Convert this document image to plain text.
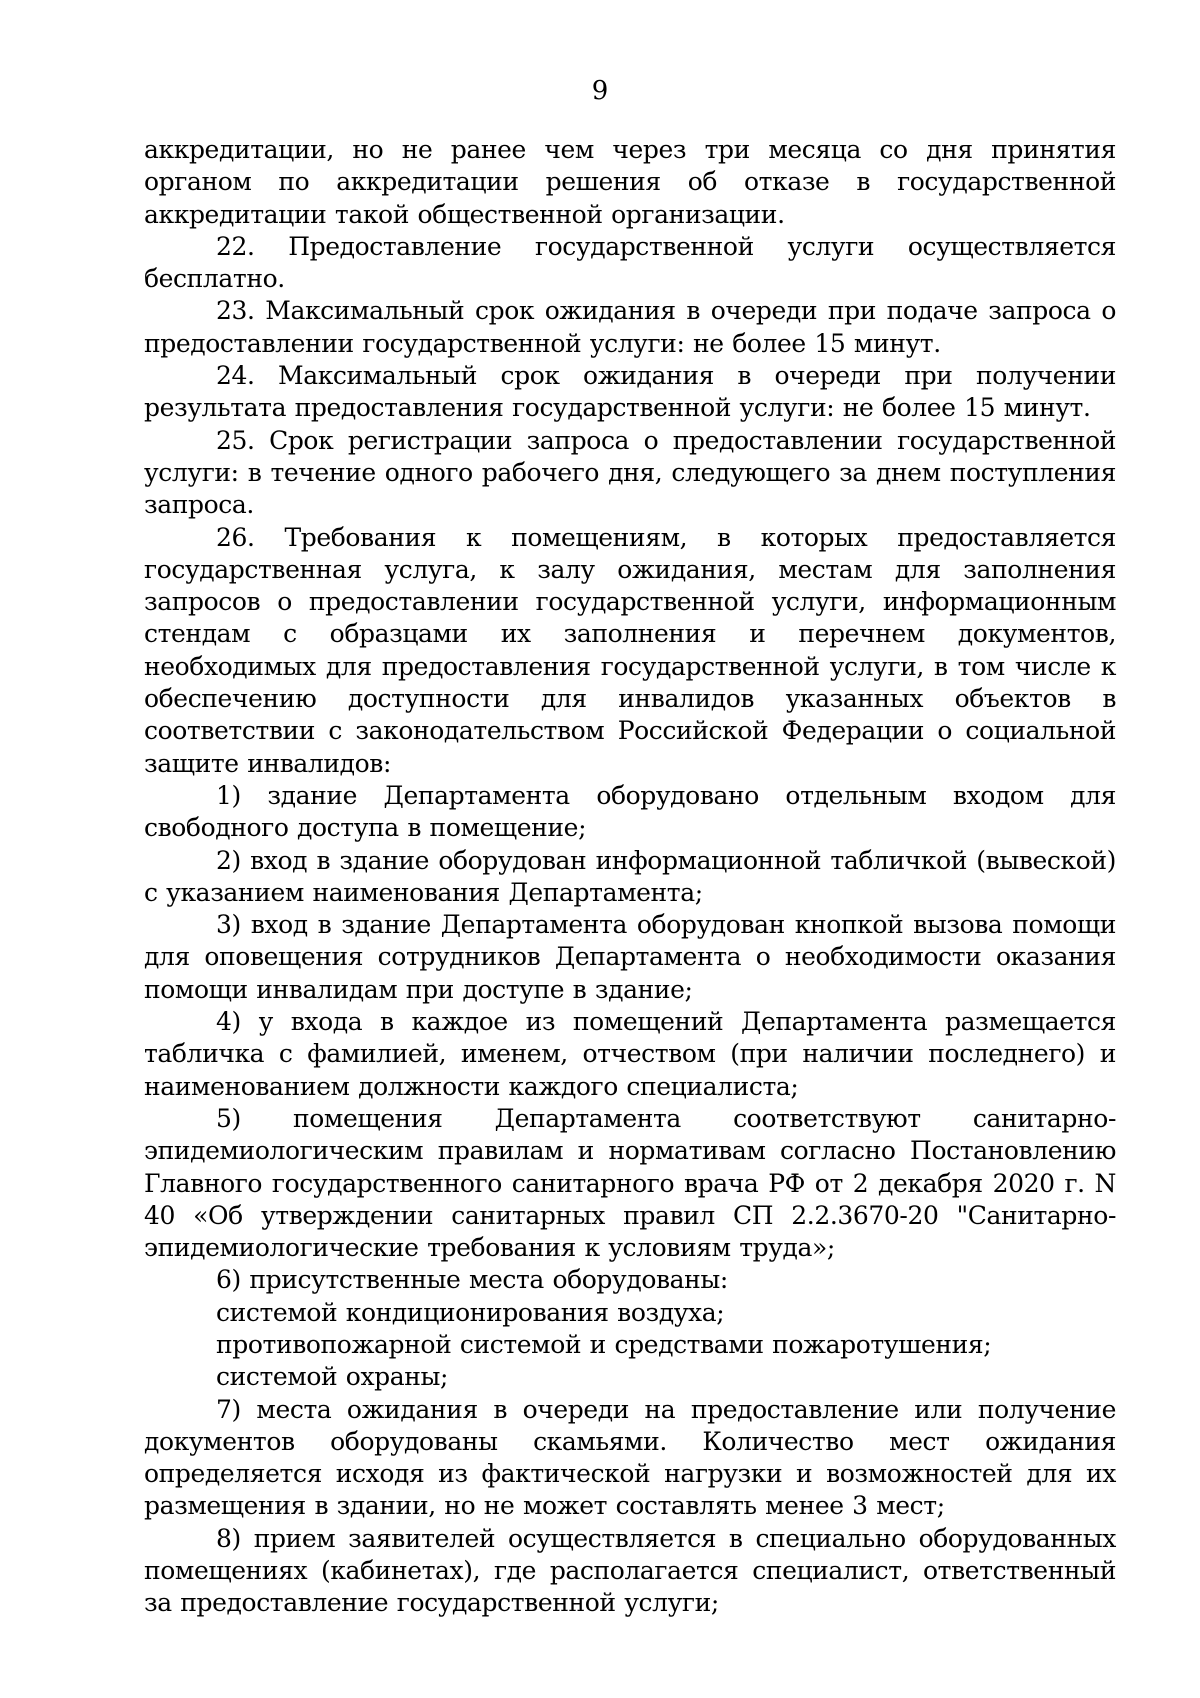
9

аккредитации, но не ранее чем через три месяца со дня принятия органом по аккредитации решения об отказе в государственной аккредитации такой общественной организации.

22. Предоставление государственной услуги осуществляется бесплатно.

23. Максимальный срок ожидания в очереди при подаче запроса о предоставлении государственной услуги: не более 15 минут.

24. Максимальный срок ожидания в очереди при получении результата предоставления государственной услуги: не более 15 минут.

25. Срок регистрации запроса о предоставлении государственной услуги: в течение одного рабочего дня, следующего за днем поступления запроса.

26. Требования к помещениям, в которых предоставляется государственная услуга, к залу ожидания, местам для заполнения запросов о предоставлении государственной услуги, информационным стендам с образцами их заполнения и перечнем документов, необходимых для предоставления государственной услуги, в том числе к обеспечению доступности для инвалидов указанных объектов в соответствии с законодательством Российской Федерации о социальной защите инвалидов:

1) здание Департамента оборудовано отдельным входом для свободного доступа в помещение;

2) вход в здание оборудован информационной табличкой (вывеской) с указанием наименования Департамента;

3) вход в здание Департамента оборудован кнопкой вызова помощи для оповещения сотрудников Департамента о необходимости оказания помощи инвалидам при доступе в здание;

4) у входа в каждое из помещений Департамента размещается табличка с фамилией, именем, отчеством (при наличии последнего) и наименованием должности каждого специалиста;

5) помещения Департамента соответствуют санитарно-эпидемиологическим правилам и нормативам согласно Постановлению Главного государственного санитарного врача РФ от 2 декабря 2020 г. N 40 «Об утверждении санитарных правил СП 2.2.3670-20 "Санитарно-эпидемиологические требования к условиям труда»;

6) присутственные места оборудованы:

системой кондиционирования воздуха;

противопожарной системой и средствами пожаротушения;

системой охраны;

7) места ожидания в очереди на предоставление или получение документов оборудованы скамьями. Количество мест ожидания определяется исходя из фактической нагрузки и возможностей для их размещения в здании, но не может составлять менее 3 мест;

8) прием заявителей осуществляется в специально оборудованных помещениях (кабинетах), где располагается специалист, ответственный за предоставление государственной услуги;
